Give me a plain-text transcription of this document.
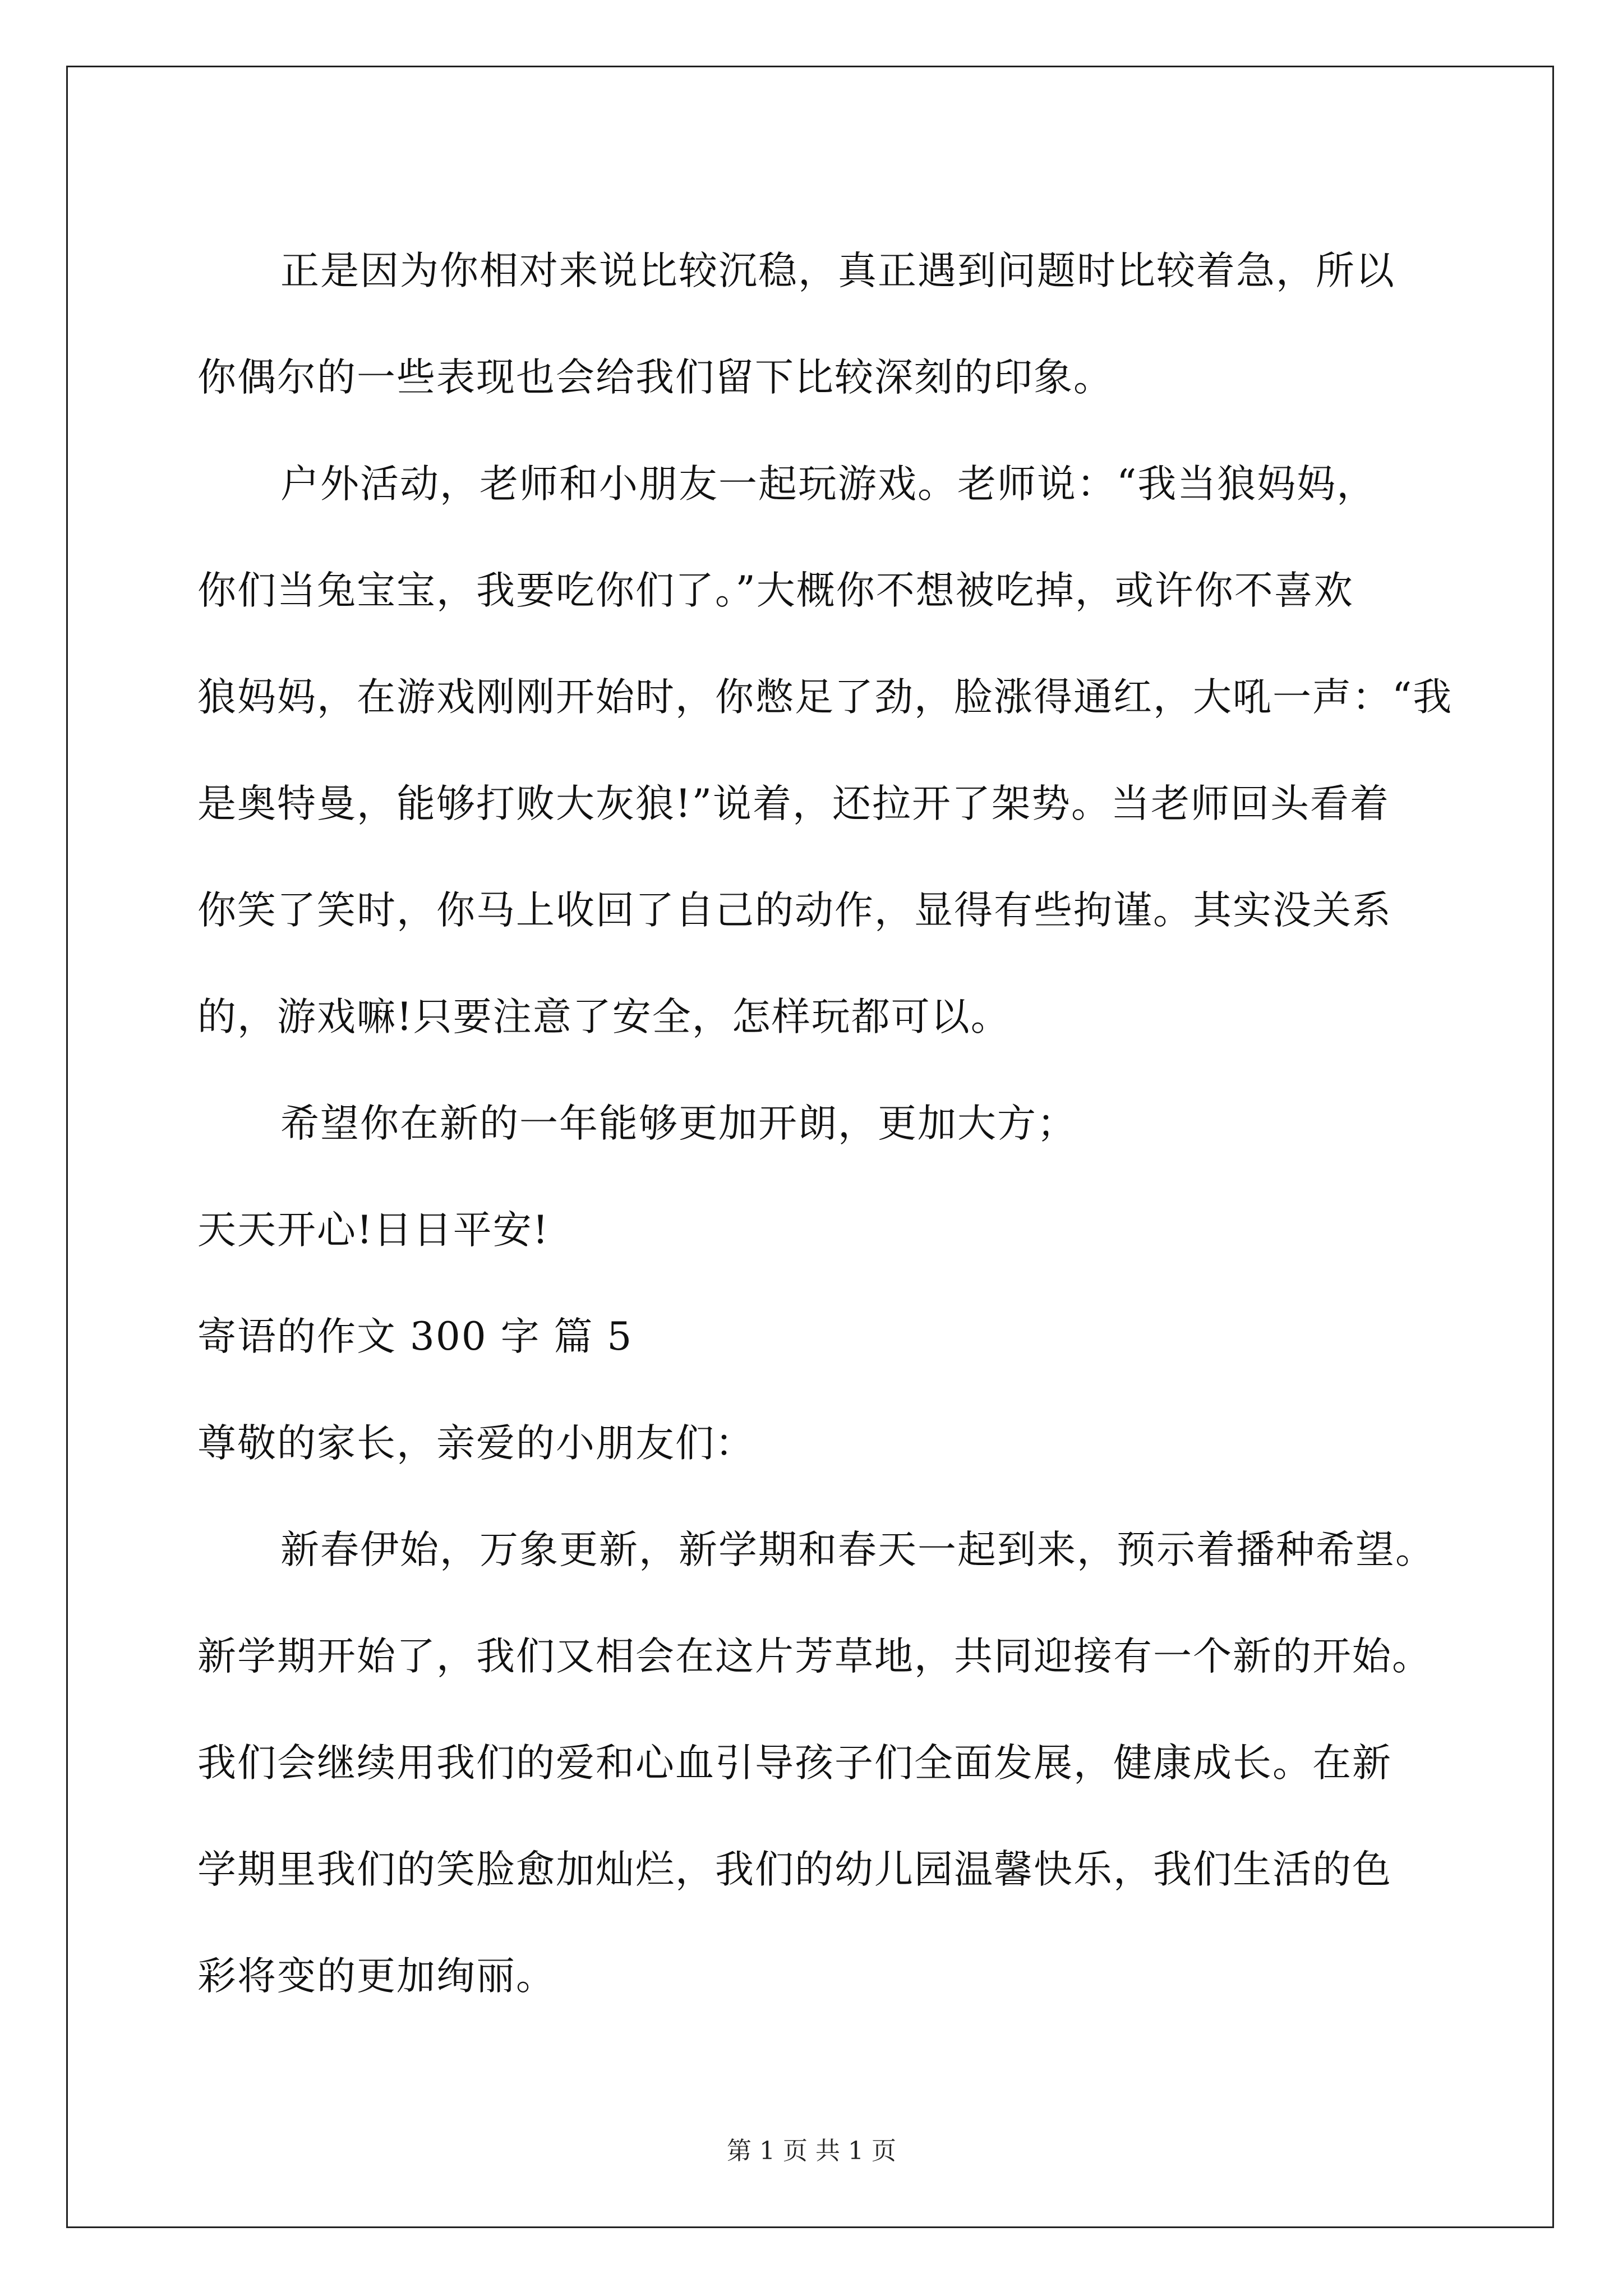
正是因为你相对来说比较沉稳，真正遇到问题时比较着急，所以
你偶尔的一些表现也会给我们留下比较深刻的印象。
户外活动，老师和小朋友一起玩游戏。老师说：“我当狼妈妈，
你们当兔宝宝，我要吃你们了。”大概你不想被吃掉，或许你不喜欢
狼妈妈，在游戏刚刚开始时，你憋足了劲，脸涨得通红，大吼一声：“我
是奥特曼，能够打败大灰狼!”说着，还拉开了架势。当老师回头看着
你笑了笑时，你马上收回了自己的动作，显得有些拘谨。其实没关系
的，游戏嘛!只要注意了安全，怎样玩都可以。
希望你在新的一年能够更加开朗，更加大方；
天天开心!日日平安!
寄语的作文 300 字 篇 5
尊敬的家长，亲爱的小朋友们：
新春伊始，万象更新，新学期和春天一起到来，预示着播种希望。
新学期开始了，我们又相会在这片芳草地，共同迎接有一个新的开始。
我们会继续用我们的爱和心血引导孩子们全面发展，健康成长。在新
学期里我们的笑脸愈加灿烂，我们的幼儿园温馨快乐，我们生活的色
彩将变的更加绚丽。
第 1 页 共 1 页
